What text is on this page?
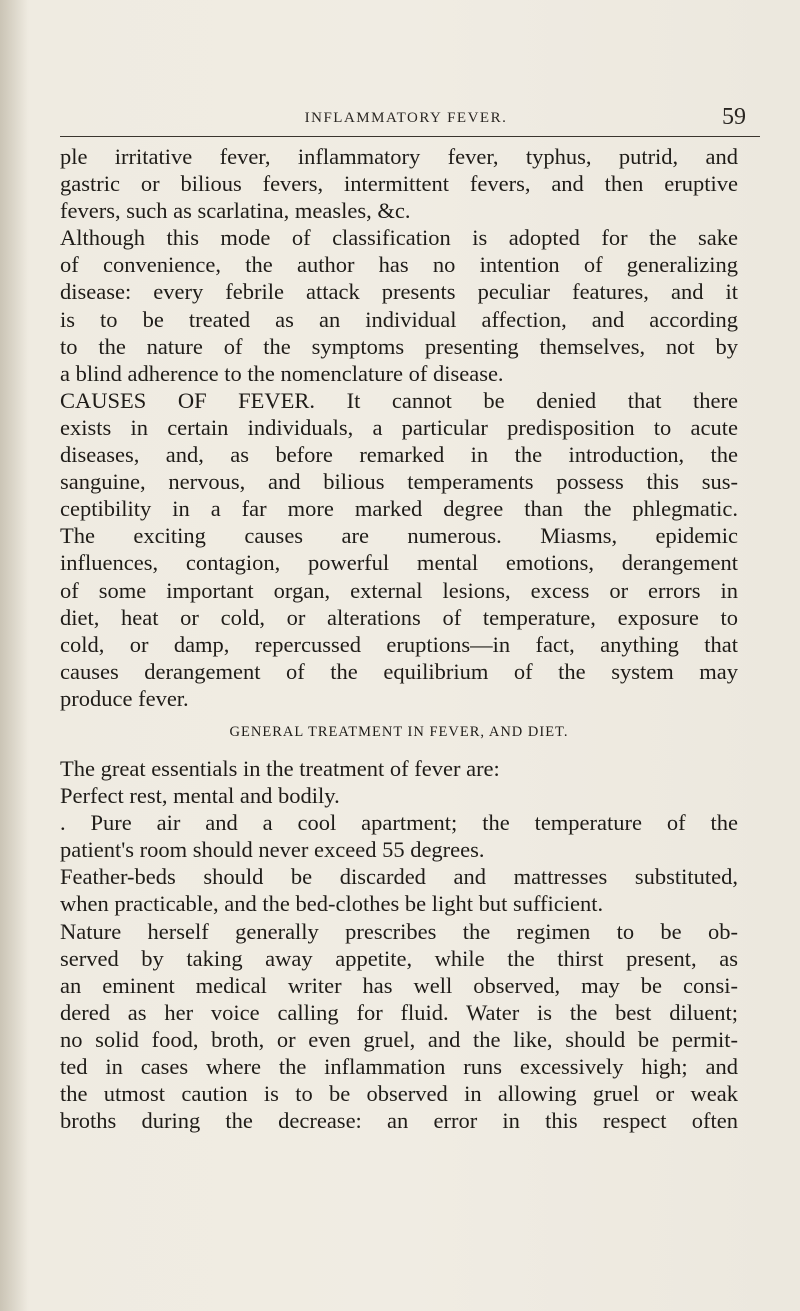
INFLAMMATORY FEVER.	59

ple irritative fever, inflammatory fever, typhus, putrid, and

gastric or bilious fevers, intermittent fevers, and then eruptive

fevers, such as scarlatina, measles, &c.

Although this mode of classification is adopted for the sake

of convenience, the author has no intention of generalizing

disease: every febrile attack presents peculiar features, and it

is to be treated as an individual affection, and according

to the nature of the symptoms presenting themselves, not by

a blind adherence to the nomenclature of disease.

CAUSES OF FEVER. It cannot be denied that there

exists in certain individuals, a particular predisposition to acute

diseases, and, as before remarked in the introduction, the

sanguine, nervous, and bilious temperaments possess this sus-

ceptibility in a far more marked degree than the phlegmatic.

The exciting causes are numerous. Miasms, epidemic

influences, contagion, powerful mental emotions, derangement

of some important organ, external lesions, excess or errors in

diet, heat or cold, or alterations of temperature, exposure to

cold, or damp, repercussed eruptions—in fact, anything that

causes derangement of the equilibrium of the system may

produce fever.

GENERAL TREATMENT IN FEVER, AND DIET.

The great essentials in the treatment of fever are:

Perfect rest, mental and bodily.

. Pure air and a cool apartment; the temperature of the

patient's room should never exceed 55 degrees.

Feather-beds should be discarded and mattresses substituted,

when practicable, and the bed-clothes be light but sufficient.

Nature herself generally prescribes the regimen to be ob-

served by taking away appetite, while the thirst present, as

an eminent medical writer has well observed, may be consi-

dered as her voice calling for fluid. Water is the best diluent;

no solid food, broth, or even gruel, and the like, should be permit-

ted in cases where the inflammation runs excessively high; and

the utmost caution is to be observed in allowing gruel or weak

broths during the decrease: an error in this respect often
